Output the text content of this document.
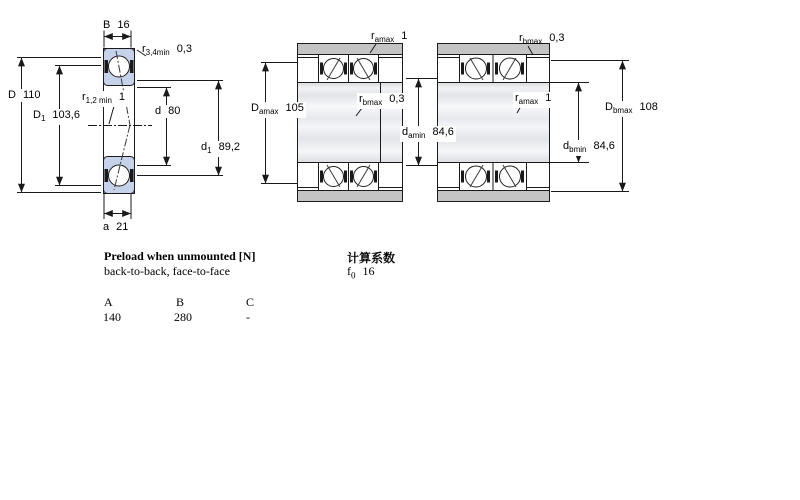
B 16
$r_{3,4min}$ 0,3
D 110
$D_1$ 103,6
$r_{1,2 min}$ 1
d 80
$d_1$ 89,2
a 21
$r_{amax}$ 1
$D_{amax}$ 105
$r_{bmax}$ 0,3
$d_{amin}$ 84,6
$r_{bmax}$ 0,3
$r_{amax}$ 1
$D_{bmax}$ 108
$d_{bmin}$ 84,6
Preload when unmounted [N]
back-to-back, face-to-face
计算系数
$f_0$ 16
A	B	C
140	280	-
